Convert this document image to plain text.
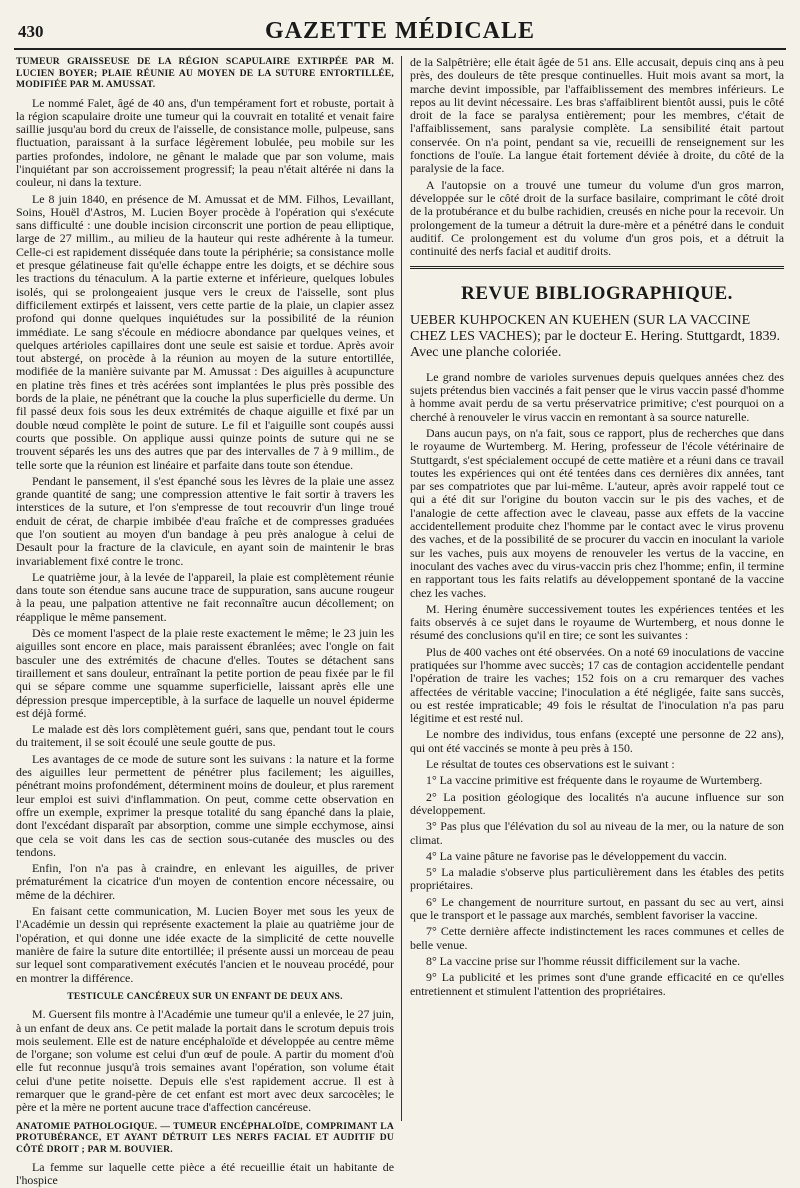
430	GAZETTE MÉDICALE
TUMEUR GRAISSEUSE DE LA RÉGION SCAPULAIRE EXTIRPÉE PAR M. LUCIEN BOYER; PLAIE RÉUNIE AU MOYEN DE LA SUTURE ENTORTILLÉE, MODIFIÉE PAR M. AMUSSAT.

Le nommé Falet, âgé de 40 ans, d'un tempérament fort et robuste, portait à la région scapulaire droite une tumeur qui la couvrait en totalité et venait faire saillie jusqu'au bord du creux de l'aisselle, de consistance molle, pulpeuse, sans fluctuation, paraissant à la surface légèrement lobulée, peu mobile sur les parties profondes, indolore, ne gênant le malade que par son volume, mais l'inquiétant par son accroissement progressif; la peau n'était altérée ni dans la couleur, ni dans la texture.

Le 8 juin 1840, en présence de M. Amussat et de MM. Filhos, Levaillant, Soins, Houël d'Astros, M. Lucien Boyer procède à l'opération qui s'exécute sans difficulté : une double incision circonscrit une portion de peau elliptique, large de 27 millim., au milieu de la hauteur qui reste adhérente à la tumeur. Celle-ci est rapidement disséquée dans toute la périphérie; sa consistance molle et presque gélatineuse fait qu'elle échappe entre les doigts, et se déchire sous les tractions du ténaculum. A la partie externe et inférieure, quelques lobules isolés, qui se prolongeaient jusque vers le creux de l'aisselle, sont plus difficilement extirpés et laissent, vers cette partie de la plaie, un clapier assez profond qui donne quelques inquiétudes sur la possibilité de la réunion immédiate. Le sang s'écoule en médiocre abondance par quelques veines, et quelques artérioles capillaires dont une seule est saisie et tordue. Après avoir tout abstergé, on procède à la réunion au moyen de la suture entortillée, modifiée de la manière suivante par M. Amussat : Des aiguilles à acupuncture en platine très fines et très acérées sont implantées le plus près possible des bords de la plaie, ne pénétrant que la couche la plus superficielle du derme. Un fil passé deux fois sous les deux extrémités de chaque aiguille et fixé par un double nœud complète le point de suture. Le fil et l'aiguille sont coupés aussi courts que possible. On applique aussi quinze points de suture qui ne se trouvent séparés les uns des autres que par des intervalles de 7 à 9 millim., de telle sorte que la réunion est linéaire et parfaite dans toute son étendue.

Pendant le pansement, il s'est épanché sous les lèvres de la plaie une assez grande quantité de sang; une compression attentive le fait sortir à travers les interstices de la suture, et l'on s'empresse de tout recouvrir d'un linge troué enduit de cérat, de charpie imbibée d'eau fraîche et de compresses graduées que l'on soutient au moyen d'un bandage à peu près analogue à celui de Desault pour la fracture de la clavicule, en ayant soin de maintenir le bras invariablement fixé contre le tronc.

Le quatrième jour, à la levée de l'appareil, la plaie est complètement réunie dans toute son étendue sans aucune trace de suppuration, sans aucune rougeur à la peau, une palpation attentive ne fait reconnaître aucun décollement; on réapplique le même pansement.

Dès ce moment l'aspect de la plaie reste exactement le même; le 23 juin les aiguilles sont encore en place, mais paraissent ébranlées; avec l'ongle on fait basculer une des extrémités de chacune d'elles. Toutes se détachent sans tiraillement et sans douleur, entraînant la petite portion de peau fixée par le fil qui se sépare comme une squamme superficielle, laissant après elle une dépression presque imperceptible, à la surface de laquelle un nouvel épiderme est déjà formé.

Le malade est dès lors complètement guéri, sans que, pendant tout le cours du traitement, il se soit écoulé une seule goutte de pus.

Les avantages de ce mode de suture sont les suivans : la nature et la forme des aiguilles leur permettent de pénétrer plus facilement; les aiguilles, pénétrant moins profondément, déterminent moins de douleur, et plus rarement leur emploi est suivi d'inflammation. On peut, comme cette observation en offre un exemple, exprimer la presque totalité du sang épanché dans la plaie, dont l'excédant disparaît par absorption, comme une simple ecchymose, ainsi que cela se voit dans les cas de section sous-cutanée des muscles ou des tendons.

Enfin, l'on n'a pas à craindre, en enlevant les aiguilles, de priver prématurément la cicatrice d'un moyen de contention encore nécessaire, ou même de la déchirer.

En faisant cette communication, M. Lucien Boyer met sous les yeux de l'Académie un dessin qui représente exactement la plaie au quatrième jour de l'opération, et qui donne une idée exacte de la simplicité de cette nouvelle manière de faire la suture dite entortillée; il présente aussi un morceau de peau sur lequel sont comparativement exécutés l'ancien et le nouveau procédé, pour en montrer la différence.

TESTICULE CANCÉREUX SUR UN ENFANT DE DEUX ANS.

M. Guersent fils montre à l'Académie une tumeur qu'il a enlevée, le 27 juin, à un enfant de deux ans. Ce petit malade la portait dans le scrotum depuis trois mois seulement. Elle est de nature encéphaloïde et développée au centre même de l'organe; son volume est celui d'un œuf de poule. A partir du moment d'où elle fut reconnue jusqu'à trois semaines avant l'opération, son volume était celui d'une petite noisette. Depuis elle s'est rapidement accrue. Il est à remarquer que le grand-père de cet enfant est mort avec deux sarcocèles; le père et la mère ne portent aucune trace d'affection cancéreuse.

ANATOMIE PATHOLOGIQUE. — TUMEUR ENCÉPHALOÏDE, COMPRIMANT LA PROTUBÉRANCE, ET AYANT DÉTRUIT LES NERFS FACIAL ET AUDITIF DU CÔTÉ DROIT ; PAR M. BOUVIER.

La femme sur laquelle cette pièce a été recueillie était un habitante de l'hospice

de la Salpêtrière; elle était âgée de 51 ans. Elle accusait, depuis cinq ans à peu près, des douleurs de tête presque continuelles. Huit mois avant sa mort, la marche devint impossible, par l'affaiblissement des membres inférieurs. Le repos au lit devint nécessaire. Les bras s'affaiblirent bientôt aussi, puis le côté droit de la face se paralysa entièrement; pour les membres, c'était de l'affaiblissement, sans paralysie complète. La sensibilité était partout conservée. On n'a point, pendant sa vie, recueilli de renseignement sur les fonctions de l'ouïe. La langue était fortement déviée à droite, du côté de la paralysie de la face.

A l'autopsie on a trouvé une tumeur du volume d'un gros marron, développée sur le côté droit de la surface basilaire, comprimant le côté droit de la protubérance et du bulbe rachidien, creusés en niche pour la recevoir. Un prolongement de la tumeur a détruit la dure-mère et a pénétré dans le conduit auditif. Ce prolongement est du volume d'un gros pois, et a détruit la continuité des nerfs facial et auditif droits.

REVUE BIBLIOGRAPHIQUE.
UEBER KUHPOCKEN AN KUEHEN (SUR LA VACCINE CHEZ LES VACHES); par le docteur E. Hering. Stuttgardt, 1839. Avec une planche coloriée.

Le grand nombre de varioles survenues depuis quelques années chez des sujets prétendus bien vaccinés a fait penser que le virus vaccin passé d'homme à homme avait perdu de sa vertu préservatrice primitive; c'est pourquoi on a cherché à renouveler le virus vaccin en remontant à sa source naturelle.

Dans aucun pays, on n'a fait, sous ce rapport, plus de recherches que dans le royaume de Wurtemberg. M. Hering, professeur de l'école vétérinaire de Stuttgardt, s'est spécialement occupé de cette matière et a réuni dans ce travail toutes les expériences qui ont été tentées dans ces dernières dix années, tant par ses compatriotes que par lui-même. L'auteur, après avoir rappelé tout ce qui a été dit sur l'origine du bouton vaccin sur le pis des vaches, et de l'analogie de cette affection avec le claveau, passe aux effets de la vaccine accidentellement produite chez l'homme par le contact avec le virus provenu des vaches, et de la possibilité de se procurer du vaccin en inoculant la variole sur les vaches, puis aux moyens de renouveler les vertus de la vaccine, en inoculant des vaches avec du virus-vaccin pris chez l'homme; enfin, il termine en rapportant tous les faits relatifs au développement spontané de la vaccine chez les vaches.

M. Hering énumère successivement toutes les expériences tentées et les faits observés à ce sujet dans le royaume de Wurtemberg, et nous donne le résumé des conclusions qu'il en tire; ce sont les suivantes :

Plus de 400 vaches ont été observées. On a noté 69 inoculations de vaccine pratiquées sur l'homme avec succès; 17 cas de contagion accidentelle pendant l'opération de traire les vaches; 152 fois on a cru remarquer des vaches affectées de véritable vaccine; l'inoculation a été négligée, faite sans succès, ou est restée impraticable; 49 fois le résultat de l'inoculation n'a pas paru légitime et est resté nul.

Le nombre des individus, tous enfans (excepté une personne de 22 ans), qui ont été vaccinés se monte à peu près à 150.

Le résultat de toutes ces observations est le suivant :

1° La vaccine primitive est fréquente dans le royaume de Wurtemberg.

2° La position géologique des localités n'a aucune influence sur son développement.

3° Pas plus que l'élévation du sol au niveau de la mer, ou la nature de son climat.

4° La vaine pâture ne favorise pas le développement du vaccin.

5° La maladie s'observe plus particulièrement dans les étables des petits propriétaires.

6° Le changement de nourriture surtout, en passant du sec au vert, ainsi que le transport et le passage aux marchés, semblent favoriser la vaccine.

7° Cette dernière affecte indistinctement les races communes et celles de belle venue.

8° La vaccine prise sur l'homme réussit difficilement sur la vache.

9° La publicité et les primes sont d'une grande efficacité en ce qu'elles entretiennent et stimulent l'attention des propriétaires.
